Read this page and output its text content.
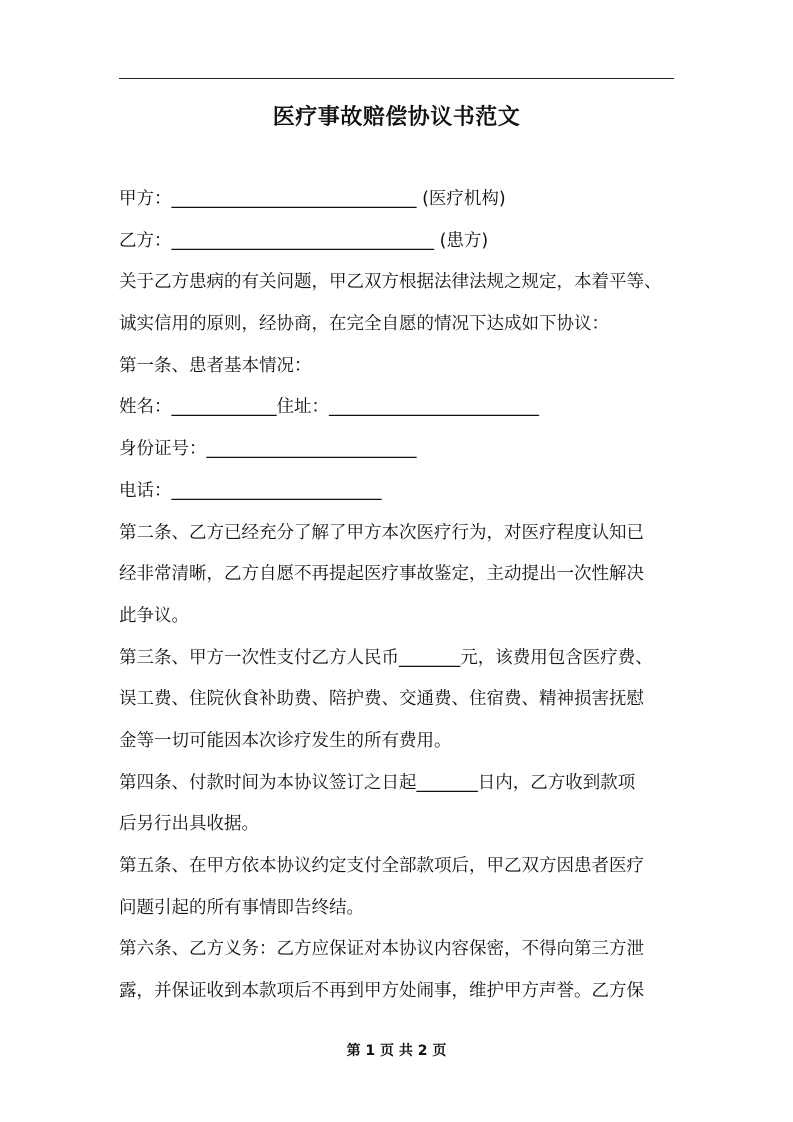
医疗事故赔偿协议书范文
甲方：____________________________ (医疗机构)
乙方：______________________________ (患方)
关于乙方患病的有关问题，甲乙双方根据法律法规之规定，本着平等、
诚实信用的原则，经协商，在完全自愿的情况下达成如下协议：
第一条、患者基本情况：
姓名：____________住址：________________________
身份证号：________________________
电话：________________________
第二条、乙方已经充分了解了甲方本次医疗行为，对医疗程度认知已
经非常清晰，乙方自愿不再提起医疗事故鉴定，主动提出一次性解决
此争议。
第三条、甲方一次性支付乙方人民币_______元，该费用包含医疗费、
误工费、住院伙食补助费、陪护费、交通费、住宿费、精神损害抚慰
金等一切可能因本次诊疗发生的所有费用。
第四条、付款时间为本协议签订之日起_______日内，乙方收到款项
后另行出具收据。
第五条、在甲方依本协议约定支付全部款项后，甲乙双方因患者医疗
问题引起的所有事情即告终结。
第六条、乙方义务：乙方应保证对本协议内容保密，不得向第三方泄
露，并保证收到本款项后不再到甲方处闹事，维护甲方声誉。乙方保
第 1 页 共 2 页
